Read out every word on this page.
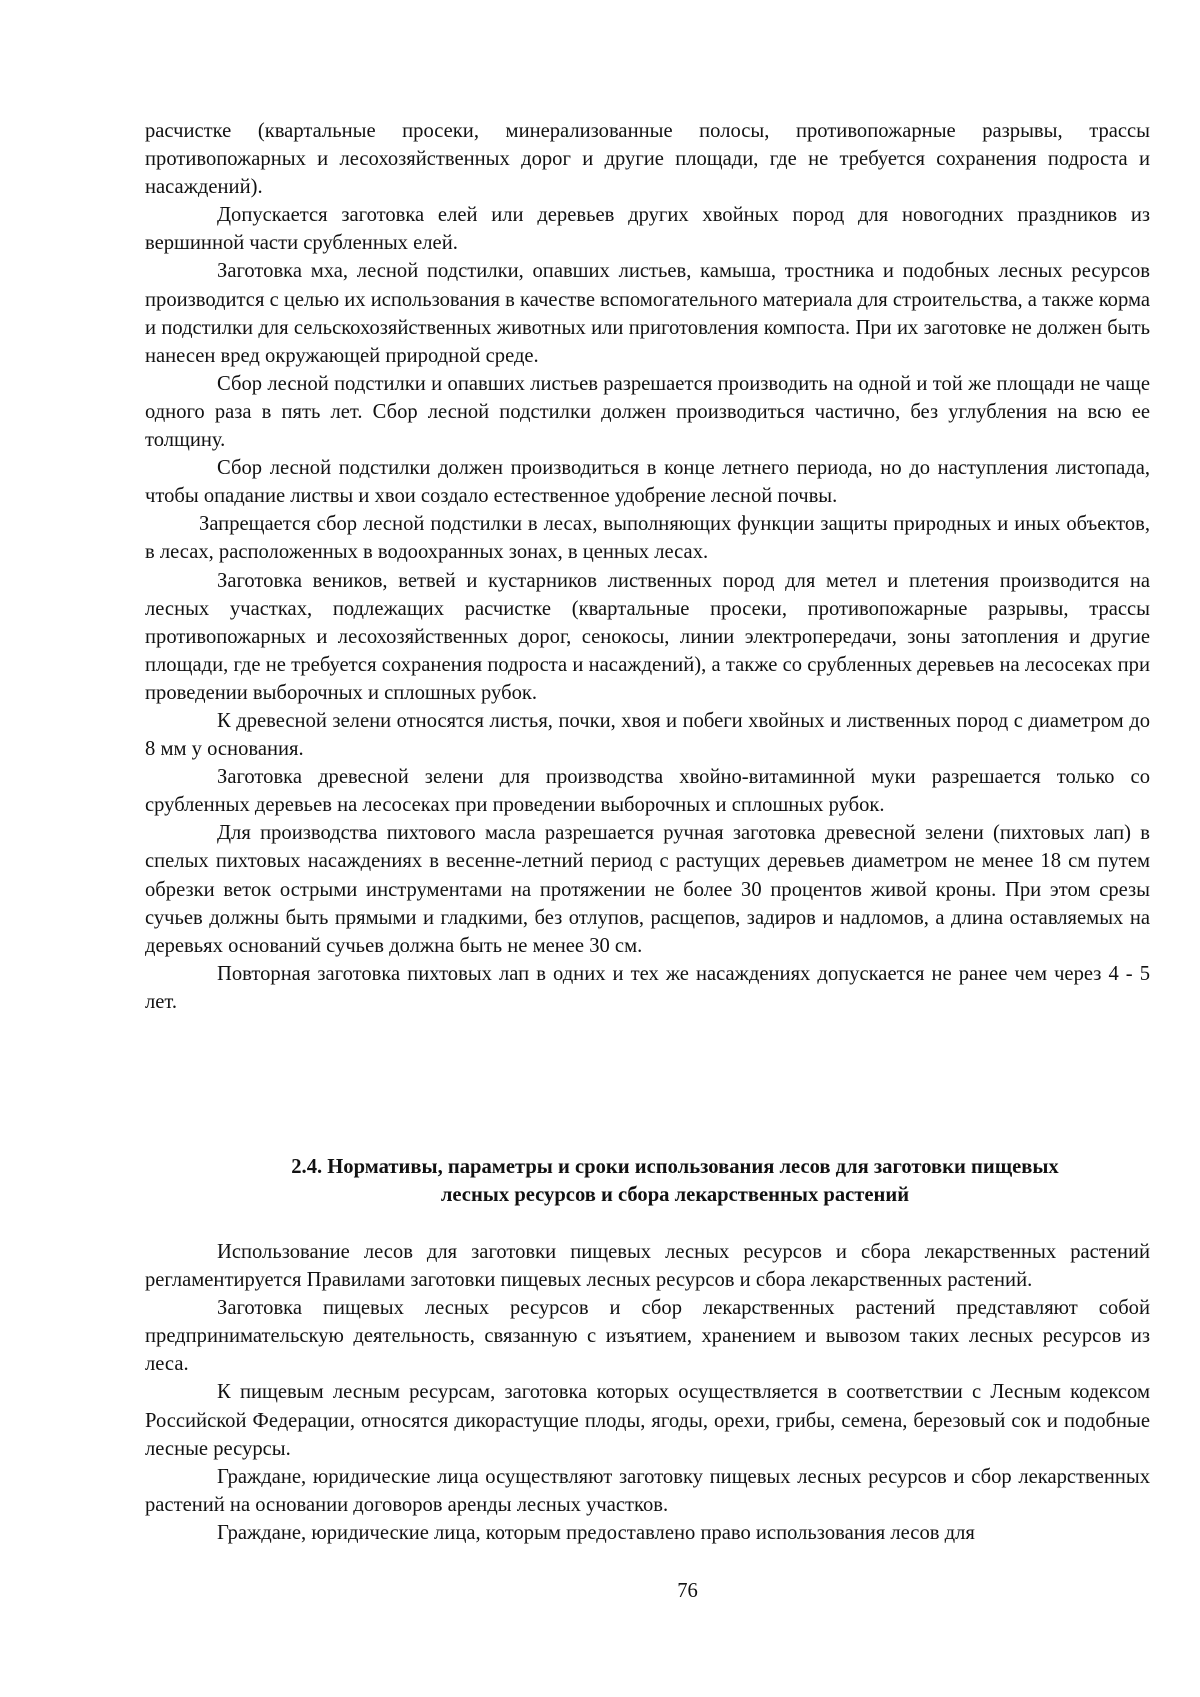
расчистке (квартальные просеки, минерализованные полосы, противопожарные разрывы, трассы противопожарных и лесохозяйственных дорог и другие площади, где не требуется сохранения подроста и насаждений).

Допускается заготовка елей или деревьев других хвойных пород для новогодних праздников из вершинной части срубленных елей.

Заготовка мха, лесной подстилки, опавших листьев, камыша, тростника и подобных лесных ресурсов производится с целью их использования в качестве вспомогательного материала для строительства, а также корма и подстилки для сельскохозяйственных животных или приготовления компоста. При их заготовке не должен быть нанесен вред окружающей природной среде.

Сбор лесной подстилки и опавших листьев разрешается производить на одной и той же площади не чаще одного раза в пять лет. Сбор лесной подстилки должен производиться частично, без углубления на всю ее толщину.

Сбор лесной подстилки должен производиться в конце летнего периода, но до наступления листопада, чтобы опадание листвы и хвои создало естественное удобрение лесной почвы.

Запрещается сбор лесной подстилки в лесах, выполняющих функции защиты природных и иных объектов, в лесах, расположенных в водоохранных зонах, в ценных лесах.

Заготовка веников, ветвей и кустарников лиственных пород для метел и плетения производится на лесных участках, подлежащих расчистке (квартальные просеки, противопожарные разрывы, трассы противопожарных и лесохозяйственных дорог, сенокосы, линии электропередачи, зоны затопления и другие площади, где не требуется сохранения подроста и насаждений), а также со срубленных деревьев на лесосеках при проведении выборочных и сплошных рубок.

К древесной зелени относятся листья, почки, хвоя и побеги хвойных и лиственных пород с диаметром до 8 мм у основания.

Заготовка древесной зелени для производства хвойно-витаминной муки разрешается только со срубленных деревьев на лесосеках при проведении выборочных и сплошных рубок.

Для производства пихтового масла разрешается ручная заготовка древесной зелени (пихтовых лап) в спелых пихтовых насаждениях в весенне-летний период с растущих деревьев диаметром не менее 18 см путем обрезки веток острыми инструментами на протяжении не более 30 процентов живой кроны. При этом срезы сучьев должны быть прямыми и гладкими, без отлупов, расщепов, задиров и надломов, а длина оставляемых на деревьях оснований сучьев должна быть не менее 30 см.

Повторная заготовка пихтовых лап в одних и тех же насаждениях допускается не ранее чем через 4 - 5 лет.

2.4. Нормативы, параметры и сроки использования лесов для заготовки пищевых
лесных ресурсов и сбора лекарственных растений

Использование лесов для заготовки пищевых лесных ресурсов и сбора лекарственных растений регламентируется Правилами заготовки пищевых лесных ресурсов и сбора лекарственных растений.

Заготовка пищевых лесных ресурсов и сбор лекарственных растений представляют собой предпринимательскую деятельность, связанную с изъятием, хранением и вывозом таких лесных ресурсов из леса.

К пищевым лесным ресурсам, заготовка которых осуществляется в соответствии с Лесным кодексом Российской Федерации, относятся дикорастущие плоды, ягоды, орехи, грибы, семена, березовый сок и подобные лесные ресурсы.

Граждане, юридические лица осуществляют заготовку пищевых лесных ресурсов и сбор лекарственных растений на основании договоров аренды лесных участков.

Граждане, юридические лица, которым предоставлено право использования лесов для

76
